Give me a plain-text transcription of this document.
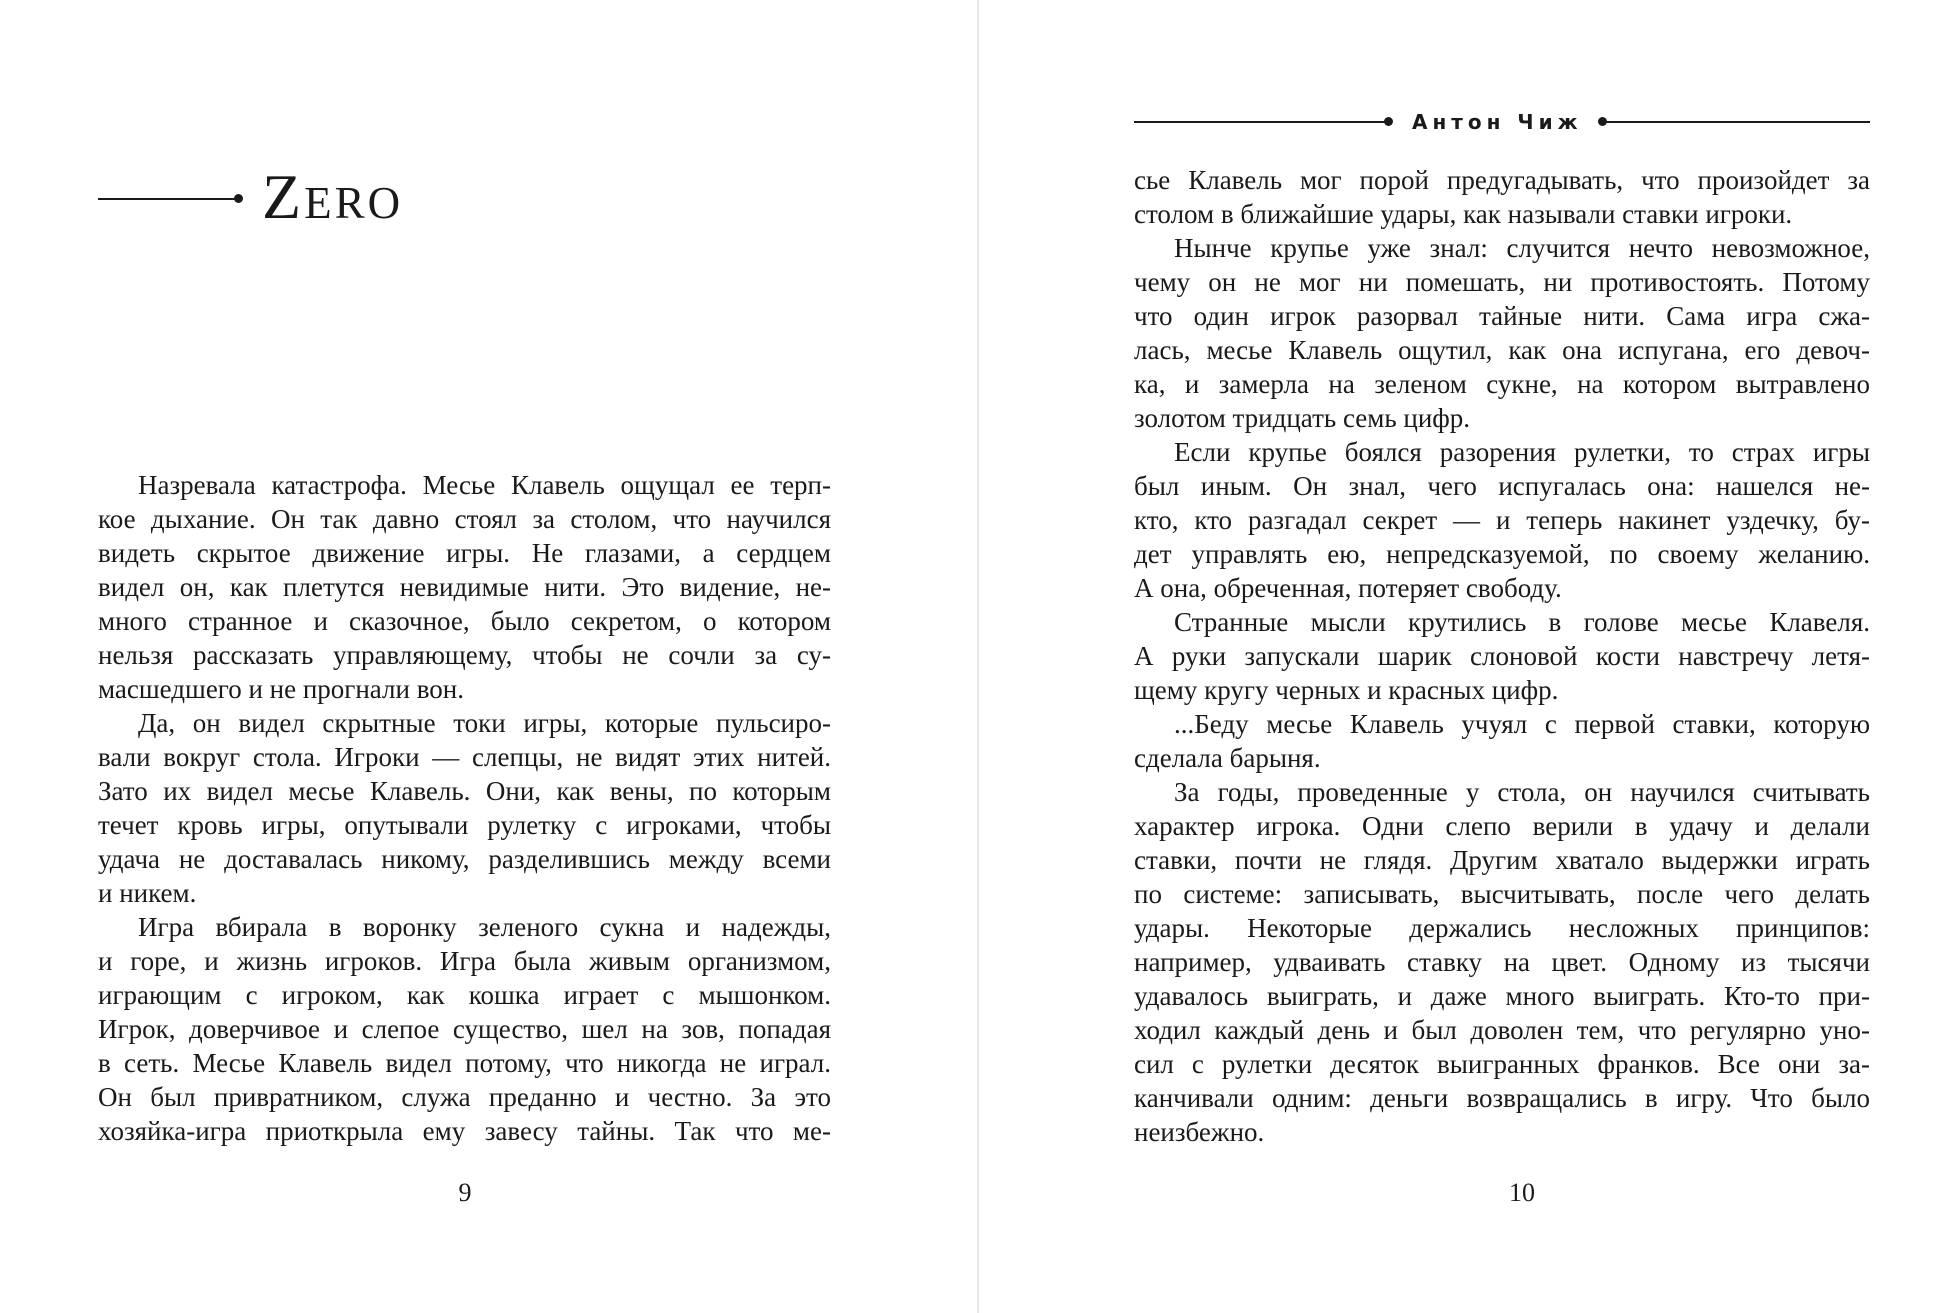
Zero
Назревала катастрофа. Месье Клавель ощущал ее терп-
кое дыхание. Он так давно стоял за столом, что научился
видеть скрытое движение игры. Не глазами, а сердцем
видел он, как плетутся невидимые нити. Это видение, не-
много странное и сказочное, было секретом, о котором
нельзя рассказать управляющему, чтобы не сочли за су-
масшедшего и не прогнали вон.
Да, он видел скрытные токи игры, которые пульсиро-
вали вокруг стола. Игроки — слепцы, не видят этих нитей.
Зато их видел месье Клавель. Они, как вены, по которым
течет кровь игры, опутывали рулетку с игроками, чтобы
удача не доставалась никому, разделившись между всеми
и никем.
Игра вбирала в воронку зеленого сукна и надежды,
и горе, и жизнь игроков. Игра была живым организмом,
играющим с игроком, как кошка играет с мышонком.
Игрок, доверчивое и слепое существо, шел на зов, попадая
в сеть. Месье Клавель видел потому, что никогда не играл.
Он был привратником, служа преданно и честно. За это
хозяйка-игра приоткрыла ему завесу тайны. Так что ме-
9
Антон Чиж
сье Клавель мог порой предугадывать, что произойдет за
столом в ближайшие удары, как называли ставки игроки.
Нынче крупье уже знал: случится нечто невозможное,
чему он не мог ни помешать, ни противостоять. Потому
что один игрок разорвал тайные нити. Сама игра сжа-
лась, месье Клавель ощутил, как она испугана, его девоч-
ка, и замерла на зеленом сукне, на котором вытравлено
золотом тридцать семь цифр.
Если крупье боялся разорения рулетки, то страх игры
был иным. Он знал, чего испугалась она: нашелся не-
кто, кто разгадал секрет — и теперь накинет уздечку, бу-
дет управлять ею, непредсказуемой, по своему желанию.
А она, обреченная, потеряет свободу.
Странные мысли крутились в голове месье Клавеля.
А руки запускали шарик слоновой кости навстречу летя-
щему кругу черных и красных цифр.
...Беду месье Клавель учуял с первой ставки, которую
сделала барыня.
За годы, проведенные у стола, он научился считывать
характер игрока. Одни слепо верили в удачу и делали
ставки, почти не глядя. Другим хватало выдержки играть
по системе: записывать, высчитывать, после чего делать
удары. Некоторые держались несложных принципов:
например, удваивать ставку на цвет. Одному из тысячи
удавалось выиграть, и даже много выиграть. Кто-то при-
ходил каждый день и был доволен тем, что регулярно уно-
сил с рулетки десяток выигранных франков. Все они за-
канчивали одним: деньги возвращались в игру. Что было
неизбежно.
10
